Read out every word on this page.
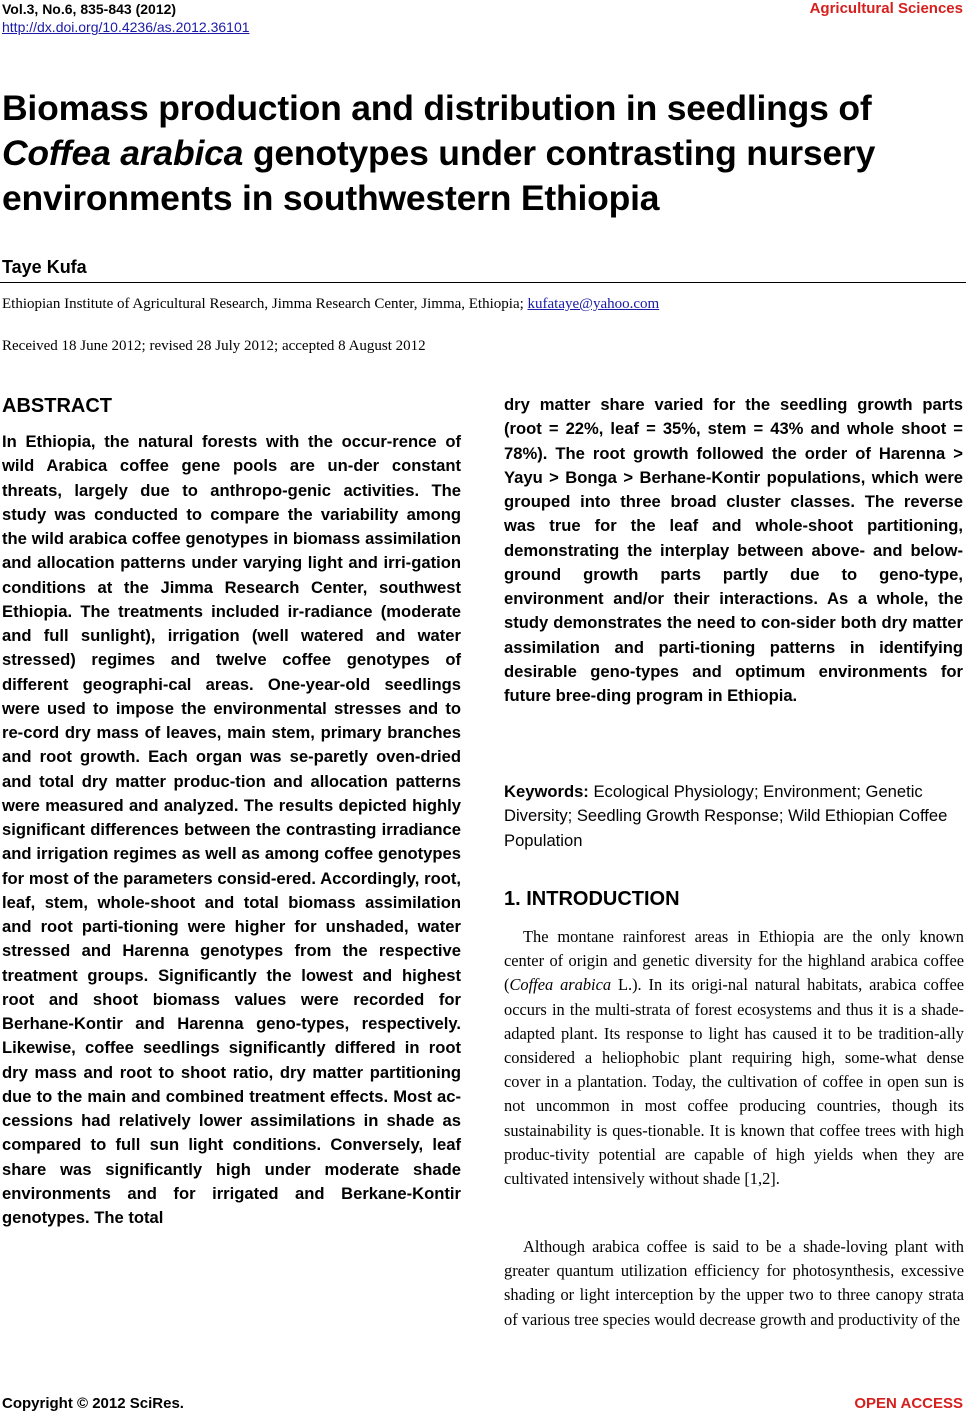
Vol.3, No.6, 835-843 (2012)
http://dx.doi.org/10.4236/as.2012.36101
Agricultural Sciences
Biomass production and distribution in seedlings of Coffea arabica genotypes under contrasting nursery environments in southwestern Ethiopia
Taye Kufa
Ethiopian Institute of Agricultural Research, Jimma Research Center, Jimma, Ethiopia; kufataye@yahoo.com
Received 18 June 2012; revised 28 July 2012; accepted 8 August 2012
ABSTRACT

In Ethiopia, the natural forests with the occur-rence of wild Arabica coffee gene pools are un-der constant threats, largely due to anthropo-genic activities. The study was conducted to compare the variability among the wild arabica coffee genotypes in biomass assimilation and allocation patterns under varying light and irri-gation conditions at the Jimma Research Center, southwest Ethiopia. The treatments included ir-radiance (moderate and full sunlight), irrigation (well watered and water stressed) regimes and twelve coffee genotypes of different geographi-cal areas. One-year-old seedlings were used to impose the environmental stresses and to re-cord dry mass of leaves, main stem, primary branches and root growth. Each organ was se-paretly oven-dried and total dry matter produc-tion and allocation patterns were measured and analyzed. The results depicted highly significant differences between the contrasting irradiance and irrigation regimes as well as among coffee genotypes for most of the parameters consid-ered. Accordingly, root, leaf, stem, whole-shoot and total biomass assimilation and root parti-tioning were higher for unshaded, water stressed and Harenna genotypes from the respective treatment groups. Significantly the lowest and highest root and shoot biomass values were recorded for Berhane-Kontir and Harenna geno-types, respectively. Likewise, coffee seedlings significantly differed in root dry mass and root to shoot ratio, dry matter partitioning due to the main and combined treatment effects. Most ac-cessions had relatively lower assimilations in shade as compared to full sun light conditions. Conversely, leaf share was significantly high under moderate shade environments and for irrigated and Berkane-Kontir genotypes. The total

dry matter share varied for the seedling growth parts (root = 22%, leaf = 35%, stem = 43% and whole shoot = 78%). The root growth followed the order of Harenna > Yayu > Bonga > Berhane-Kontir populations, which were grouped into three broad cluster classes. The reverse was true for the leaf and whole-shoot partitioning, demonstrating the interplay between above- and below-ground growth parts partly due to geno-type, environment and/or their interactions. As a whole, the study demonstrates the need to con-sider both dry matter assimilation and parti-tioning patterns in identifying desirable geno-types and optimum environments for future bree-ding program in Ethiopia.

Keywords: Ecological Physiology; Environment; Genetic Diversity; Seedling Growth Response; Wild Ethiopian Coffee Population

1. INTRODUCTION

The montane rainforest areas in Ethiopia are the only known center of origin and genetic diversity for the highland arabica coffee (Coffea arabica L.). In its origi-nal natural habitats, arabica coffee occurs in the multi-strata of forest ecosystems and thus it is a shade-adapted plant. Its response to light has caused it to be tradition-ally considered a heliophobic plant requiring high, some-what dense cover in a plantation. Today, the cultivation of coffee in open sun is not uncommon in most coffee producing countries, though its sustainability is ques-tionable. It is known that coffee trees with high produc-tivity potential are capable of high yields when they are cultivated intensively without shade [1,2].

Although arabica coffee is said to be a shade-loving plant with greater quantum utilization efficiency for photosynthesis, excessive shading or light interception by the upper two to three canopy strata of various tree species would decrease growth and productivity of the

Copyright © 2012 SciRes.	OPEN ACCESS
